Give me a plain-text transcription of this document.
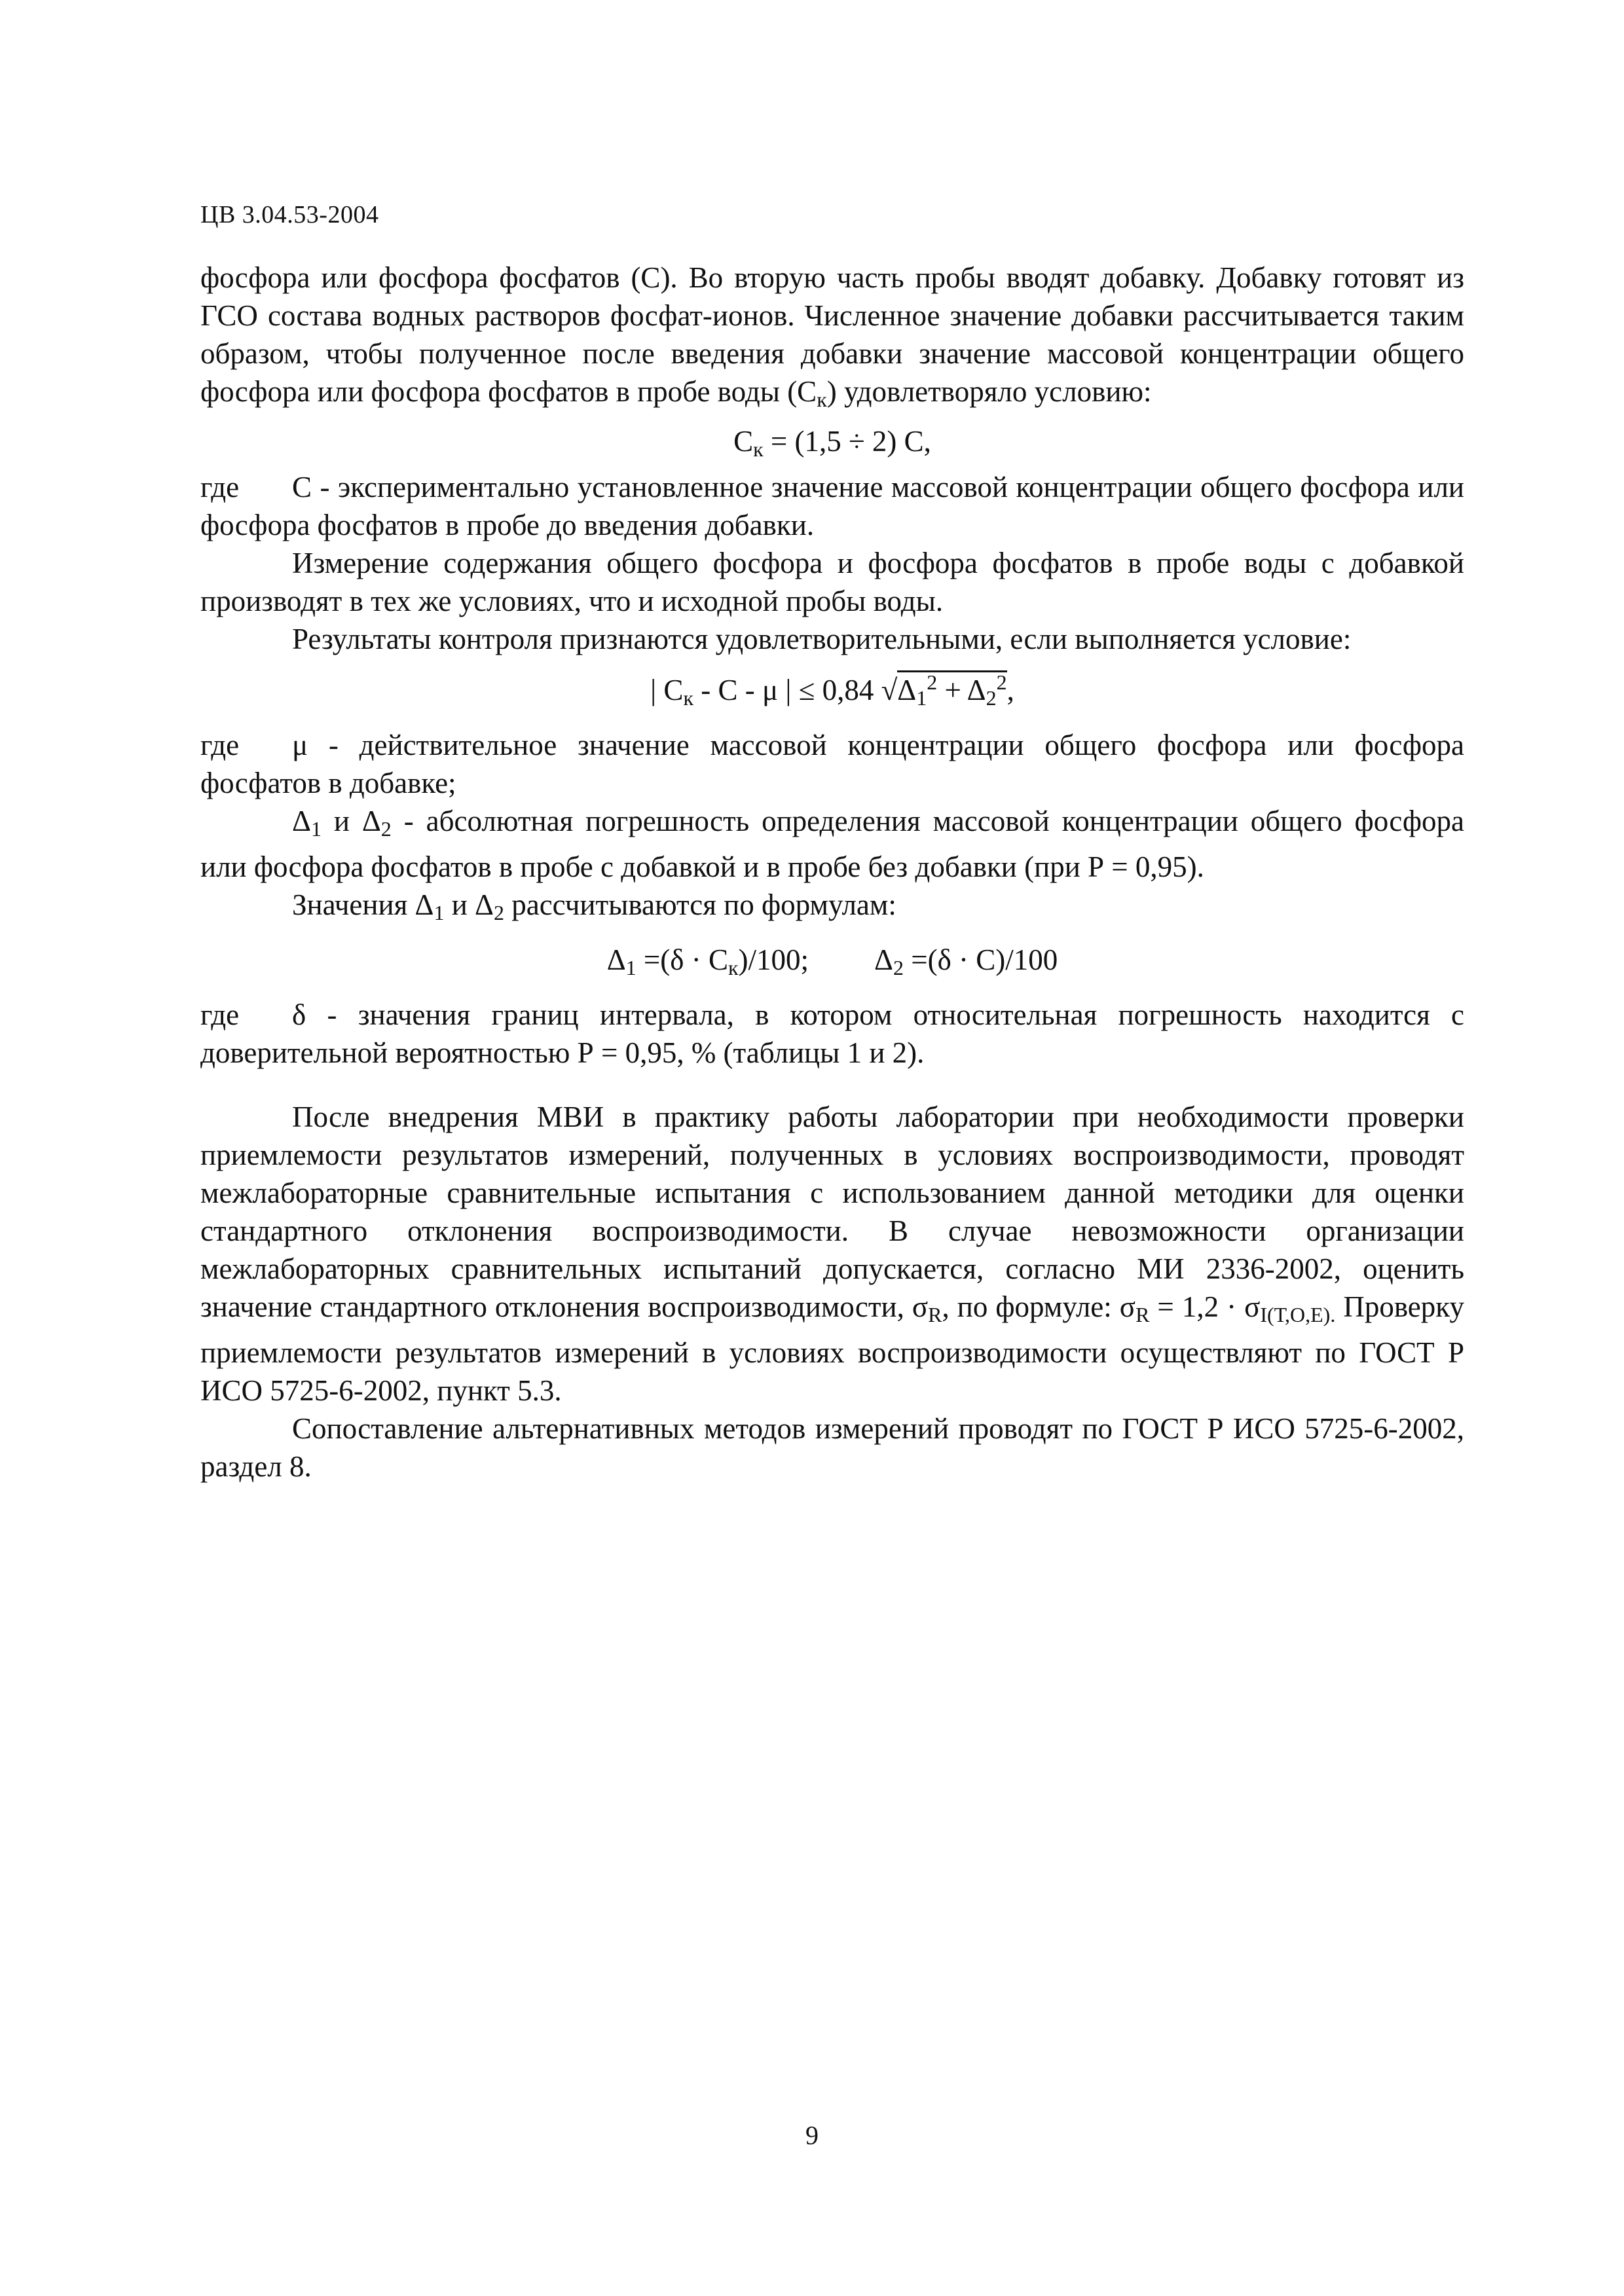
ЦВ 3.04.53-2004

фосфора или фосфора фосфатов (С). Во вторую часть пробы вводят добавку. Добавку готовят из ГСО состава водных растворов фосфат-ионов. Численное значение добавки рассчитывается таким образом, чтобы полученное после введения добавки значение массовой концентрации общего фосфора или фосфора фосфатов в пробе воды $(С_к)$ удовлетворяло условию:

$С_к = (1,5 \div 2)$ С,

где С - экспериментально установленное значение массовой концентрации общего фосфора или фосфора фосфатов в пробе до введения добавки.

Измерение содержания общего фосфора и фосфора фосфатов в пробе воды с добавкой производят в тех же условиях, что и исходной пробы воды.

Результаты контроля признаются удовлетворительными, если выполняется условие:

| $С_к$ - С - μ | ≤ 0,84 $√\Delta_1^2 + \Delta_2^2$,

где μ - действительное значение массовой концентрации общего фосфора или фосфора фосфатов в добавке;

$\Delta_1$ и $\Delta_2$ - абсолютная погрешность определения массовой концентрации общего фосфора или фосфора фосфатов в пробе с добавкой и в пробе без добавки (при Р = 0,95).

Значения $\Delta_1$ и $\Delta_2$ рассчитываются по формулам:

$\Delta_1 =(\delta \cdot С_к)/100$; $\Delta_2 =(\delta \cdot С)/100$

где δ - значения границ интервала, в котором относительная погрешность находится с доверительной вероятностью Р = 0,95, % (таблицы 1 и 2).

После внедрения МВИ в практику работы лаборатории при необходимости проверки приемлемости результатов измерений, полученных в условиях воспроизводимости, проводят межлабораторные сравнительные испытания с использованием данной методики для оценки стандартного отклонения воспроизводимости. В случае невозможности организации межлабораторных сравнительных испытаний допускается, согласно МИ 2336-2002, оценить значение стандартного отклонения воспроизводимости, $\sigma_R$, по формуле: $\sigma_R = 1,2 \cdot \sigma_{I(Т,О,Е).}$ Проверку приемлемости результатов измерений в условиях воспроизводимости осуществляют по ГОСТ Р ИСО 5725-6-2002, пункт 5.3.

Сопоставление альтернативных методов измерений проводят по ГОСТ Р ИСО 5725-6-2002, раздел 8.

9
